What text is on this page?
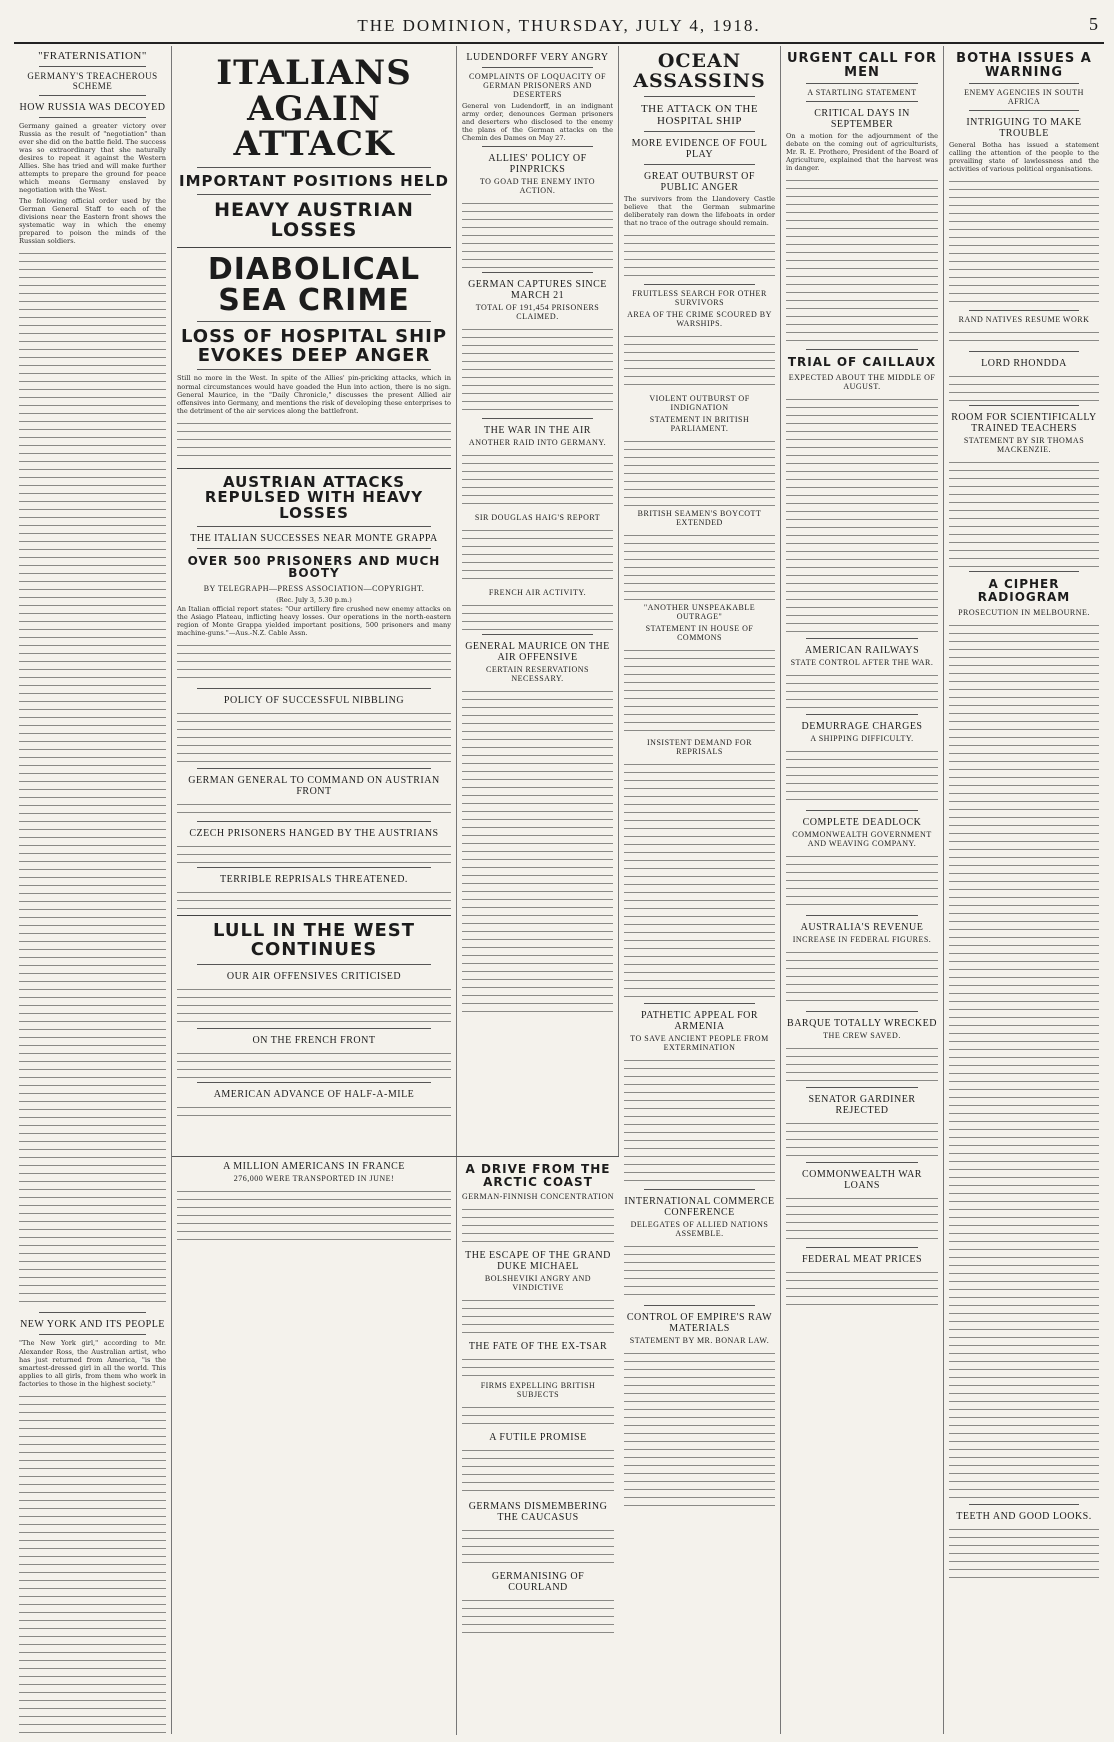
THE DOMINION, THURSDAY, JULY 4, 1918.	5
"FRATERNISATION"
GERMANY'S TREACHEROUS SCHEME
HOW RUSSIA WAS DECOYED

Germany gained a greater victory over Russia as the result of "negotiation" than ever she did on the battle field. The success was so extraordinary that she naturally desires to repeat it against the Western Allies. She has tried and will make further attempts to prepare the ground for peace which means Germany enslaved by negotiation with the West.

The following official order used by the German General Staff to each of the divisions near the Eastern front shows the systematic way in which the enemy prepared to poison the minds of the Russian soldiers.

NEW YORK AND ITS PEOPLE

"The New York girl," according to Mr. Alexander Ross, the Australian artist, who has just returned from America, "is the smartest-dressed girl in all the world. This applies to all girls, from them who work in factories to those in the highest society."

ITALIANS AGAIN ATTACK
IMPORTANT POSITIONS HELD
HEAVY AUSTRIAN LOSSES
DIABOLICAL SEA CRIME
LOSS OF HOSPITAL SHIP EVOKES DEEP ANGER

Still no more in the West. In spite of the Allies' pin-pricking attacks, which in normal circumstances would have goaded the Hun into action, there is no sign. General Maurice, in the "Daily Chronicle," discusses the present Allied air offensives into Germany, and mentions the risk of developing these enterprises to the detriment of the air services along the battlefront.

AUSTRIAN ATTACKS REPULSED WITH HEAVY LOSSES
THE ITALIAN SUCCESSES NEAR MONTE GRAPPA
OVER 500 PRISONERS AND MUCH BOOTY
BY TELEGRAPH—PRESS ASSOCIATION—COPYRIGHT.
(Rec. July 3, 5.30 p.m.)

An Italian official report states: "Our artillery fire crushed new enemy attacks on the Asiago Plateau, inflicting heavy losses. Our operations in the north-eastern region of Monte Grappa yielded important positions, 500 prisoners and many machine-guns."—Aus.-N.Z. Cable Assn.

POLICY OF SUCCESSFUL NIBBLING

GERMAN GENERAL TO COMMAND ON AUSTRIAN FRONT

CZECH PRISONERS HANGED BY THE AUSTRIANS

TERRIBLE REPRISALS THREATENED.

LULL IN THE WEST CONTINUES
OUR AIR OFFENSIVES CRITICISED

ON THE FRENCH FRONT

AMERICAN ADVANCE OF HALF-A-MILE

LUDENDORFF VERY ANGRY
COMPLAINTS OF LOQUACITY OF GERMAN PRISONERS AND DESERTERS

General von Ludendorff, in an indignant army order, denounces German prisoners and deserters who disclosed to the enemy the plans of the German attacks on the Chemin des Dames on May 27.

ALLIES' POLICY OF PINPRICKS
TO GOAD THE ENEMY INTO ACTION.

GERMAN CAPTURES SINCE MARCH 21
TOTAL OF 191,454 PRISONERS CLAIMED.

THE WAR IN THE AIR
ANOTHER RAID INTO GERMANY.

SIR DOUGLAS HAIG'S REPORT

FRENCH AIR ACTIVITY.

GENERAL MAURICE ON THE AIR OFFENSIVE
CERTAIN RESERVATIONS NECESSARY.

A MILLION AMERICANS IN FRANCE
276,000 WERE TRANSPORTED IN JUNE!

A DRIVE FROM THE ARCTIC COAST
GERMAN-FINNISH CONCENTRATION

THE ESCAPE OF THE GRAND DUKE MICHAEL
BOLSHEVIKI ANGRY AND VINDICTIVE

THE FATE OF THE EX-TSAR

FIRMS EXPELLING BRITISH SUBJECTS

A FUTILE PROMISE

GERMANS DISMEMBERING THE CAUCASUS

GERMANISING OF COURLAND

OCEAN ASSASSINS
THE ATTACK ON THE HOSPITAL SHIP
MORE EVIDENCE OF FOUL PLAY
GREAT OUTBURST OF PUBLIC ANGER

The survivors from the Llandovery Castle believe that the German submarine deliberately ran down the lifeboats in order that no trace of the outrage should remain.

FRUITLESS SEARCH FOR OTHER SURVIVORS
AREA OF THE CRIME SCOURED BY WARSHIPS.

VIOLENT OUTBURST OF INDIGNATION
STATEMENT IN BRITISH PARLIAMENT.

BRITISH SEAMEN'S BOYCOTT EXTENDED

"ANOTHER UNSPEAKABLE OUTRAGE"
STATEMENT IN HOUSE OF COMMONS

INSISTENT DEMAND FOR REPRISALS

PATHETIC APPEAL FOR ARMENIA
TO SAVE ANCIENT PEOPLE FROM EXTERMINATION

INTERNATIONAL COMMERCE CONFERENCE
DELEGATES OF ALLIED NATIONS ASSEMBLE.

CONTROL OF EMPIRE'S RAW MATERIALS
STATEMENT BY MR. BONAR LAW.

URGENT CALL FOR MEN
A STARTLING STATEMENT
CRITICAL DAYS IN SEPTEMBER

On a motion for the adjournment of the debate on the coming out of agriculturists, Mr. R. E. Prothero, President of the Board of Agriculture, explained that the harvest was in danger.

TRIAL OF CAILLAUX
EXPECTED ABOUT THE MIDDLE OF AUGUST.

AMERICAN RAILWAYS
STATE CONTROL AFTER THE WAR.

DEMURRAGE CHARGES
A SHIPPING DIFFICULTY.

COMPLETE DEADLOCK
COMMONWEALTH GOVERNMENT AND WEAVING COMPANY.

AUSTRALIA'S REVENUE
INCREASE IN FEDERAL FIGURES.

BARQUE TOTALLY WRECKED
THE CREW SAVED.

SENATOR GARDINER REJECTED

COMMONWEALTH WAR LOANS

FEDERAL MEAT PRICES

BOTHA ISSUES A WARNING
ENEMY AGENCIES IN SOUTH AFRICA
INTRIGUING TO MAKE TROUBLE

General Botha has issued a statement calling the attention of the people to the prevailing state of lawlessness and the activities of various political organisations.

RAND NATIVES RESUME WORK

LORD RHONDDA

ROOM FOR SCIENTIFICALLY TRAINED TEACHERS
STATEMENT BY SIR THOMAS MACKENZIE.

A CIPHER RADIOGRAM
PROSECUTION IN MELBOURNE.

TEETH AND GOOD LOOKS.
